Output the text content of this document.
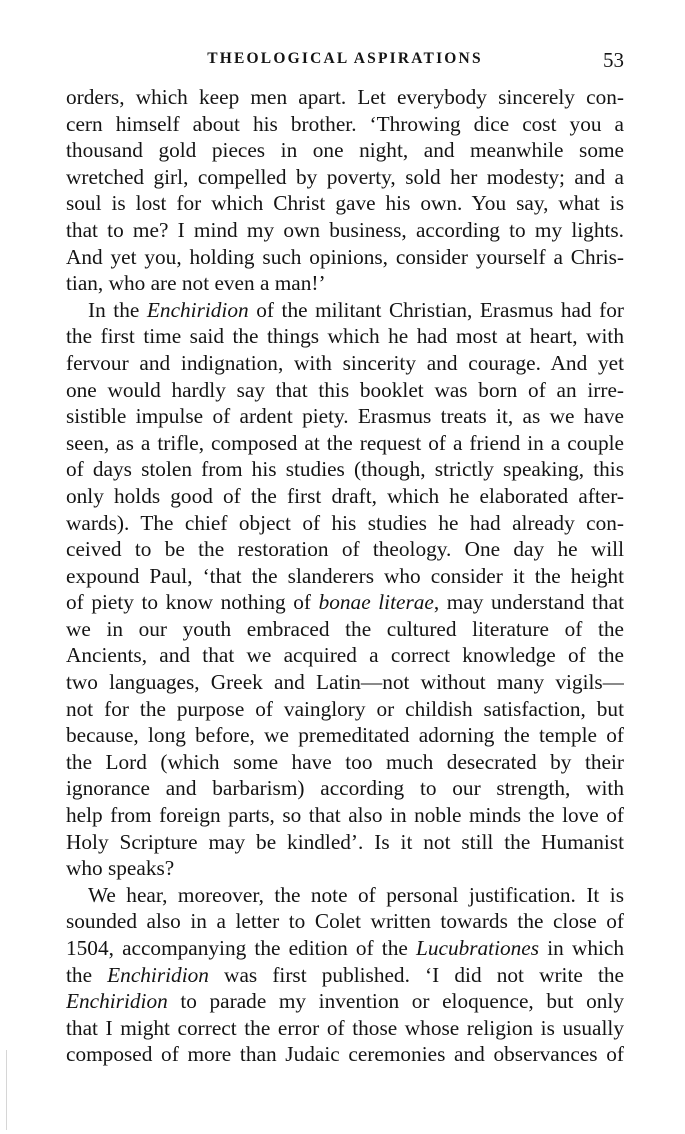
THEOLOGICAL ASPIRATIONS	53
orders, which keep men apart. Let everybody sincerely con-
cern himself about his brother. ‘Throwing dice cost you a
thousand gold pieces in one night, and meanwhile some
wretched girl, compelled by poverty, sold her modesty; and a
soul is lost for which Christ gave his own. You say, what is
that to me? I mind my own business, according to my lights.
And yet you, holding such opinions, consider yourself a Chris-
tian, who are not even a man!’
In the Enchiridion of the militant Christian, Erasmus had for
the first time said the things which he had most at heart, with
fervour and indignation, with sincerity and courage. And yet
one would hardly say that this booklet was born of an irre-
sistible impulse of ardent piety. Erasmus treats it, as we have
seen, as a trifle, composed at the request of a friend in a couple
of days stolen from his studies (though, strictly speaking, this
only holds good of the first draft, which he elaborated after-
wards). The chief object of his studies he had already con-
ceived to be the restoration of theology. One day he will
expound Paul, ‘that the slanderers who consider it the height
of piety to know nothing of bonae literae, may understand that
we in our youth embraced the cultured literature of the
Ancients, and that we acquired a correct knowledge of the
two languages, Greek and Latin—not without many vigils—
not for the purpose of vainglory or childish satisfaction, but
because, long before, we premeditated adorning the temple of
the Lord (which some have too much desecrated by their
ignorance and barbarism) according to our strength, with
help from foreign parts, so that also in noble minds the love of
Holy Scripture may be kindled’. Is it not still the Humanist
who speaks?
We hear, moreover, the note of personal justification. It is
sounded also in a letter to Colet written towards the close of
1504, accompanying the edition of the Lucubrationes in which
the Enchiridion was first published. ‘I did not write the
Enchiridion to parade my invention or eloquence, but only
that I might correct the error of those whose religion is usually
composed of more than Judaic ceremonies and observances of
